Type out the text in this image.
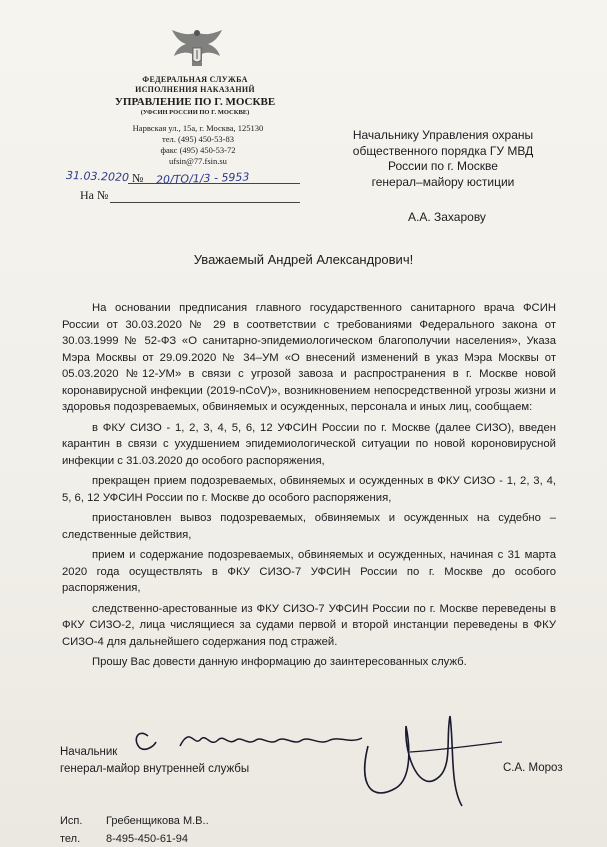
ФЕДЕРАЛЬНАЯ СЛУЖБА
ИСПОЛНЕНИЯ НАКАЗАНИЙ
УПРАВЛЕНИЕ ПО Г. МОСКВЕ
(УФСИН РОССИИ ПО Г. МОСКВЕ)
Нарвская ул., 15а, г. Москва, 125130
тел. (495) 450-53-83
факс (495) 450-53-72
ufsin@77.fsin.su
31.03.2020 № 20/ТО/1/3 - 5953
На №
Начальнику Управления охраны
общественного порядка ГУ МВД
России по г. Москве
генерал–майору юстиции
А.А. Захарову
Уважаемый Андрей Александрович!

На основании предписания главного государственного санитарного врача ФСИН России от 30.03.2020 № 29 в соответствии с требованиями Федерального закона от 30.03.1999 № 52-ФЗ «О санитарно-эпидемиологическом благополучии населения», Указа Мэра Москвы от 29.09.2020 № 34–УМ «О внесений изменений в указ Мэра Москвы от 05.03.2020 №12-УМ» в связи с угрозой завоза и распространения в г. Москве новой коронавирусной инфекции (2019-nCoV)», возникновением непосредственной угрозы жизни и здоровья подозреваемых, обвиняемых и осужденных, персонала и иных лиц, сообщаем:

в ФКУ СИЗО - 1, 2, 3, 4, 5, 6, 12 УФСИН России по г. Москве (далее СИЗО), введен карантин в связи с ухудшением эпидемиологической ситуации по новой короновирусной инфекции с 31.03.2020 до особого распоряжения,

прекращен прием подозреваемых, обвиняемых и осужденных в ФКУ СИЗО - 1, 2, 3, 4, 5, 6, 12 УФСИН России по г. Москве до особого распоряжения,

приостановлен вывоз подозреваемых, обвиняемых и осужденных на судебно – следственные действия,

прием и содержание подозреваемых, обвиняемых и осужденных, начиная с 31 марта 2020 года осуществлять в ФКУ СИЗО-7 УФСИН России по г. Москве до особого распоряжения,

следственно-арестованные из ФКУ СИЗО-7 УФСИН России по г. Москве переведены в ФКУ СИЗО-2, лица числящиеся за судами первой и второй инстанции переведены в ФКУ СИЗО-4 для дальнейшего содержания под стражей.

Прошу Вас довести данную информацию до заинтересованных служб.

С уважением
Начальник
генерал-майор внутренней службы	С.А. Мороз
Исп.	Гребенщикова М.В..
тел.	8-495-450-61-94
